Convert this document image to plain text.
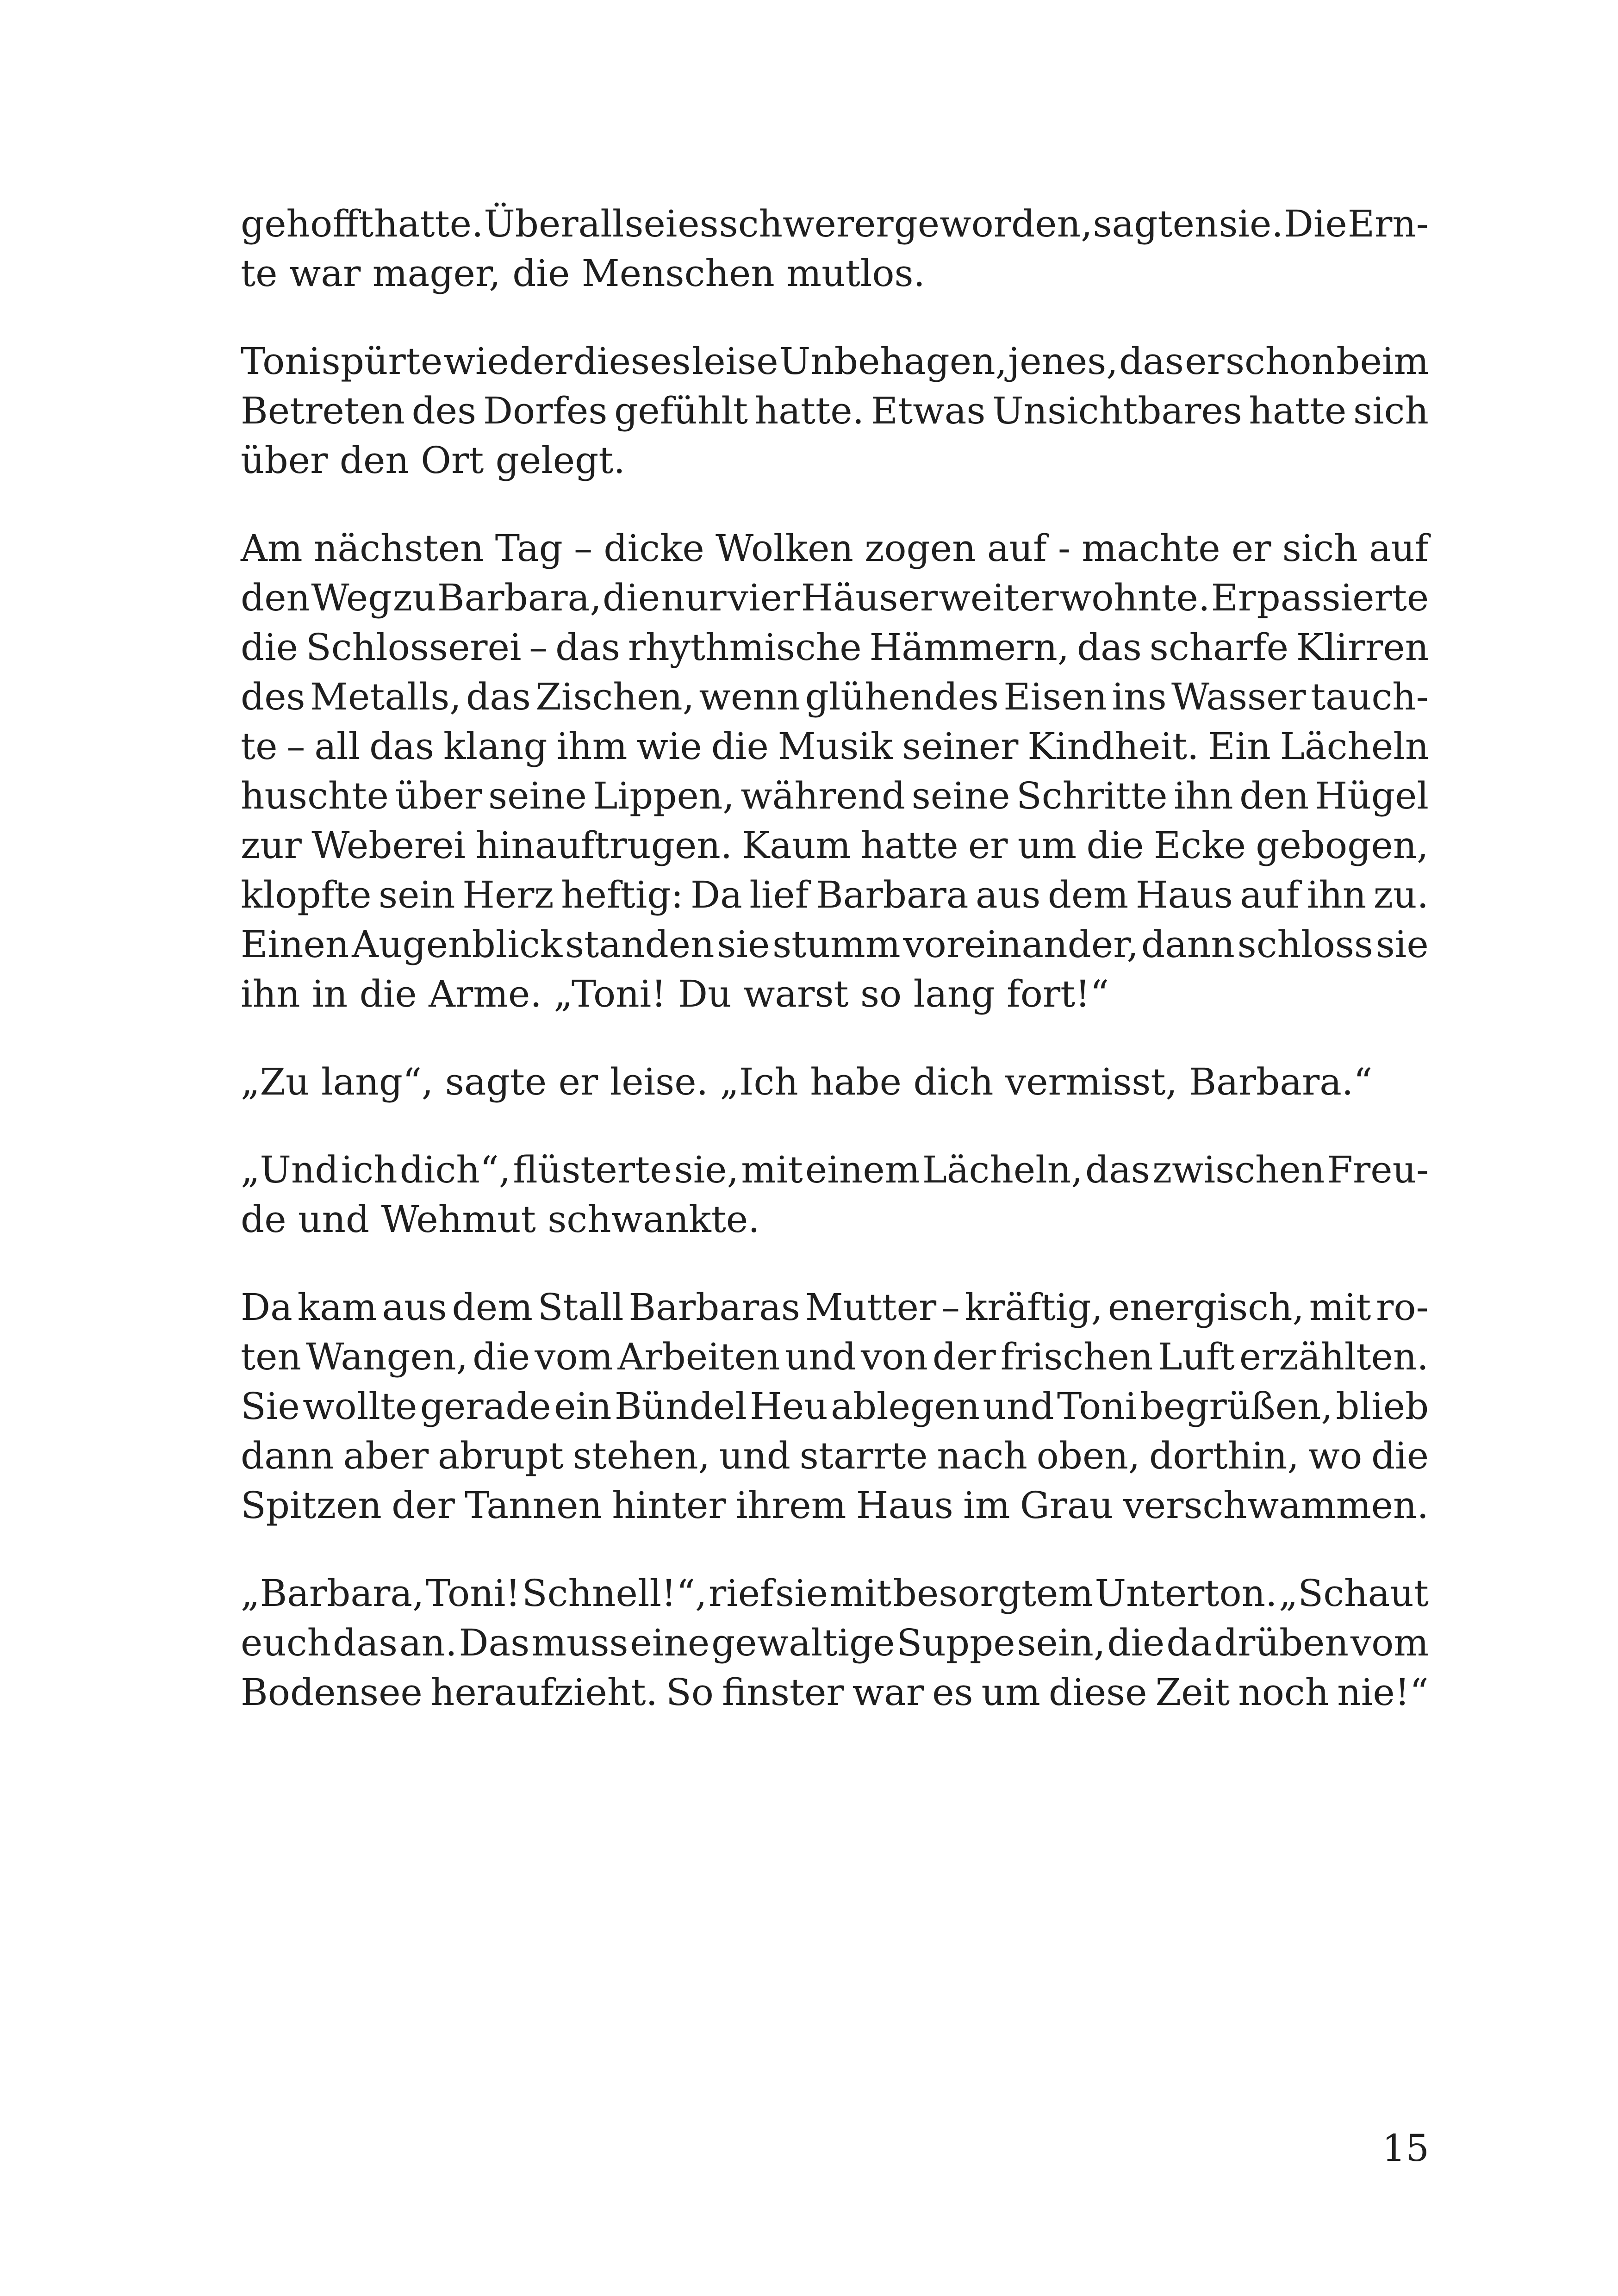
gehofft hatte. Überall sei es schwerer geworden, sagten sie. Die Ern-
te war mager, die Menschen mutlos.
Toni spürte wieder dieses leise Unbehagen, jenes, das er schon beim
Betreten des Dorfes gefühlt hatte. Etwas Unsichtbares hatte sich
über den Ort gelegt.
Am nächsten Tag – dicke Wolken zogen auf - machte er sich auf
den Weg zu Barbara, die nur vier Häuser weiter wohnte. Er passierte
die Schlosserei – das rhythmische Hämmern, das scharfe Klirren
des Metalls, das Zischen, wenn glühendes Eisen ins Wasser tauch-
te – all das klang ihm wie die Musik seiner Kindheit. Ein Lächeln
huschte über seine Lippen, während seine Schritte ihn den Hügel
zur Weberei hinauftrugen. Kaum hatte er um die Ecke gebogen,
klopfte sein Herz heftig: Da lief Barbara aus dem Haus auf ihn zu.
Einen Augenblick standen sie stumm voreinander, dann schloss sie
ihn in die Arme. „Toni! Du warst so lang fort!“
„Zu lang“, sagte er leise. „Ich habe dich vermisst, Barbara.“
„Und ich dich“, flüsterte sie, mit einem Lächeln, das zwischen Freu-
de und Wehmut schwankte.
Da kam aus dem Stall Barbaras Mutter – kräftig, energisch, mit ro-
ten Wangen, die vom Arbeiten und von der frischen Luft erzählten.
Sie wollte gerade ein Bündel Heu ablegen und Toni begrüßen, blieb
dann aber abrupt stehen, und starrte nach oben, dorthin, wo die
Spitzen der Tannen hinter ihrem Haus im Grau verschwammen.
„Barbara, Toni! Schnell!“, rief sie mit besorgtem Unterton. „Schaut
euch das an. Das muss eine gewaltige Suppe sein, die da drüben vom
Bodensee heraufzieht. So finster war es um diese Zeit noch nie!“
15
